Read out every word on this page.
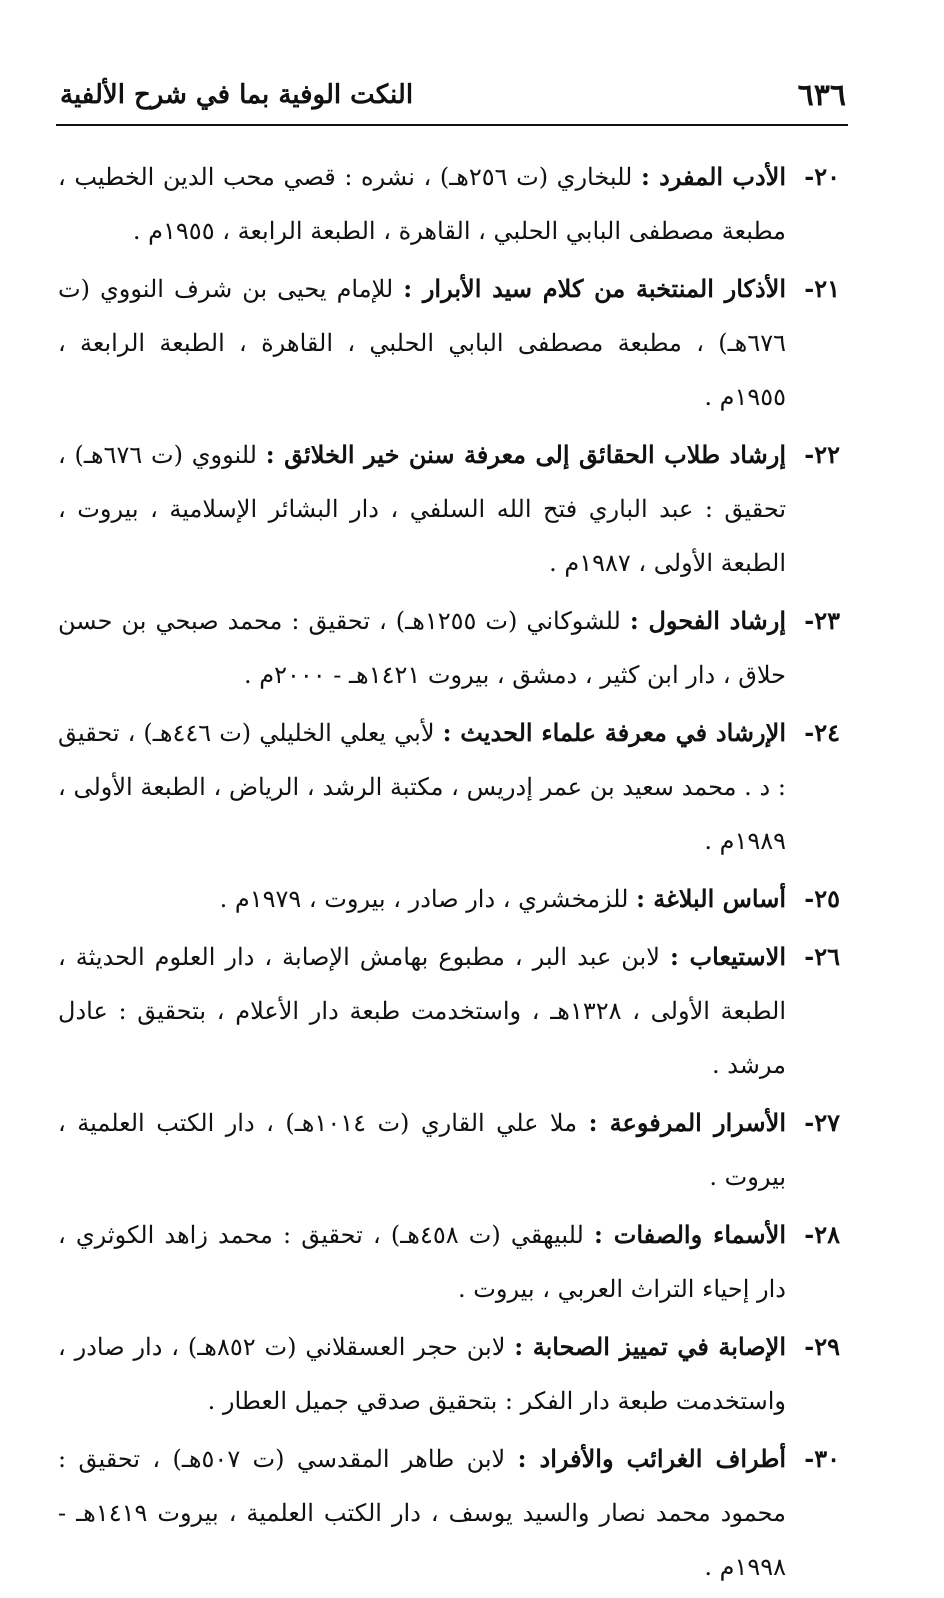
٦٣٦
النكت الوفية بما في شرح الألفية

٢٠-
الأدب المفرد : للبخاري (ت ٢٥٦هـ) ، نشره : قصي محب الدين الخطيب ، مطبعة مصطفى البابي الحلبي ، القاهرة ، الطبعة الرابعة ، ١٩٥٥م .

٢١-
الأذكار المنتخبة من كلام سيد الأبرار : للإمام يحيى بن شرف النووي (ت ٦٧٦هـ) ، مطبعة مصطفى البابي الحلبي ، القاهرة ، الطبعة الرابعة ، ١٩٥٥م .

٢٢-
إرشاد طلاب الحقائق إلى معرفة سنن خير الخلائق : للنووي (ت ٦٧٦هـ) ، تحقيق : عبد الباري فتح الله السلفي ، دار البشائر الإسلامية ، بيروت ، الطبعة الأولى ، ١٩٨٧م .

٢٣-
إرشاد الفحول : للشوكاني (ت ١٢٥٥هـ) ، تحقيق : محمد صبحي بن حسن حلاق ، دار ابن كثير ، دمشق ، بيروت ١٤٢١هـ - ٢٠٠٠م .

٢٤-
الإرشاد في معرفة علماء الحديث : لأبي يعلي الخليلي (ت ٤٤٦هـ) ، تحقيق : د . محمد سعيد بن عمر إدريس ، مكتبة الرشد ، الرياض ، الطبعة الأولى ، ١٩٨٩م .

٢٥-
أساس البلاغة : للزمخشري ، دار صادر ، بيروت ، ١٩٧٩م .

٢٦-
الاستيعاب : لابن عبد البر ، مطبوع بهامش الإصابة ، دار العلوم الحديثة ، الطبعة الأولى ، ١٣٢٨هـ ، واستخدمت طبعة دار الأعلام ، بتحقيق : عادل مرشد .

٢٧-
الأسرار المرفوعة : ملا علي القاري (ت ١٠١٤هـ) ، دار الكتب العلمية ، بيروت .

٢٨-
الأسماء والصفات : للبيهقي (ت ٤٥٨هـ) ، تحقيق : محمد زاهد الكوثري ، دار إحياء التراث العربي ، بيروت .

٢٩-
الإصابة في تمييز الصحابة : لابن حجر العسقلاني (ت ٨٥٢هـ) ، دار صادر ، واستخدمت طبعة دار الفكر : بتحقيق صدقي جميل العطار .

٣٠-
أطراف الغرائب والأفراد : لابن طاهر المقدسي (ت ٥٠٧هـ) ، تحقيق : محمود محمد نصار والسيد يوسف ، دار الكتب العلمية ، بيروت ١٤١٩هـ - ١٩٩٨م .
